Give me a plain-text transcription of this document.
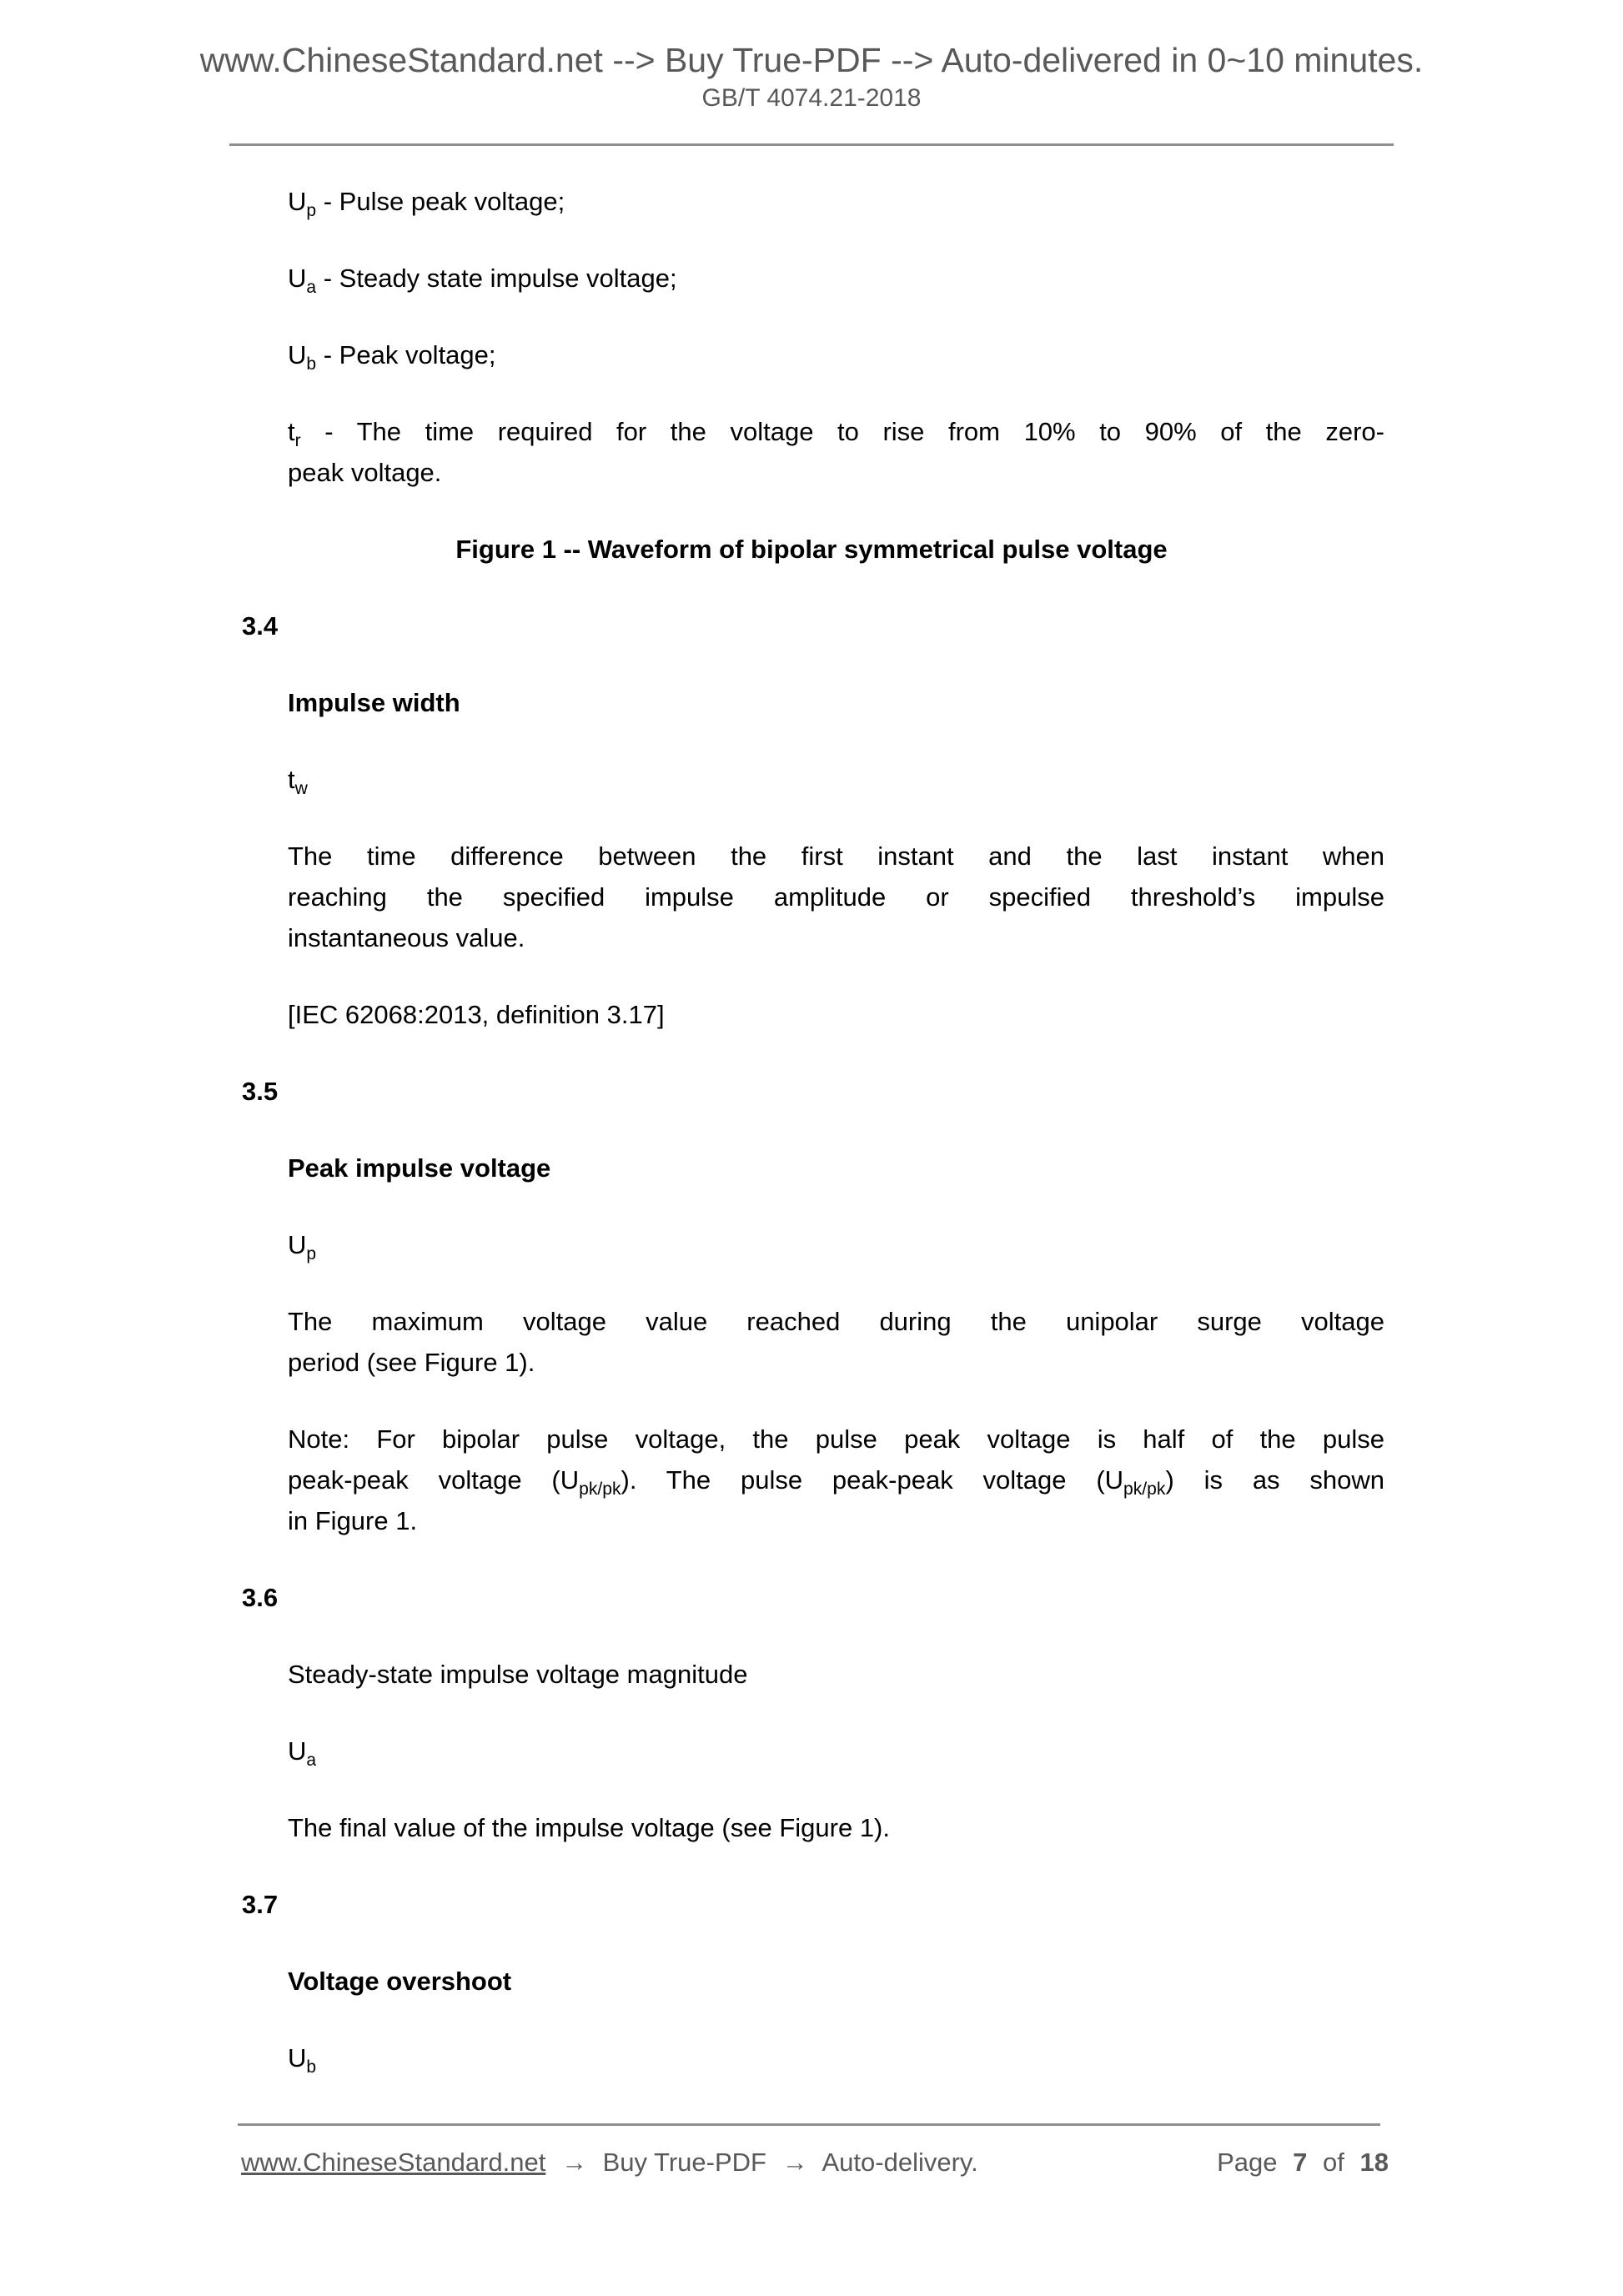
www.ChineseStandard.net --> Buy True-PDF --> Auto-delivered in 0~10 minutes.
GB/T 4074.21-2018
$U_p$ - Pulse peak voltage;
$U_a$ - Steady state impulse voltage;
$U_b$ - Peak voltage;
$t_r$ - The time required for the voltage to rise from 10% to 90% of the zero-
peak voltage.
Figure 1 -- Waveform of bipolar symmetrical pulse voltage
3.4
Impulse width
$t_w$
The time difference between the first instant and the last instant when
reaching the specified impulse amplitude or specified threshold’s impulse
instantaneous value.
[IEC 62068:2013, definition 3.17]
3.5
Peak impulse voltage
$U_p$
The maximum voltage value reached during the unipolar surge voltage
period (see Figure 1).
Note: For bipolar pulse voltage, the pulse peak voltage is half of the pulse
peak-peak voltage $(U_{pk/pk})$. The pulse peak-peak voltage $(U_{pk/pk})$ is as shown
in Figure 1.
3.6
Steady-state impulse voltage magnitude
$U_a$
The final value of the impulse voltage (see Figure 1).
3.7
Voltage overshoot
$U_b$
www.ChineseStandard.net → Buy True-PDF → Auto-delivery.	Page 7 of 18
